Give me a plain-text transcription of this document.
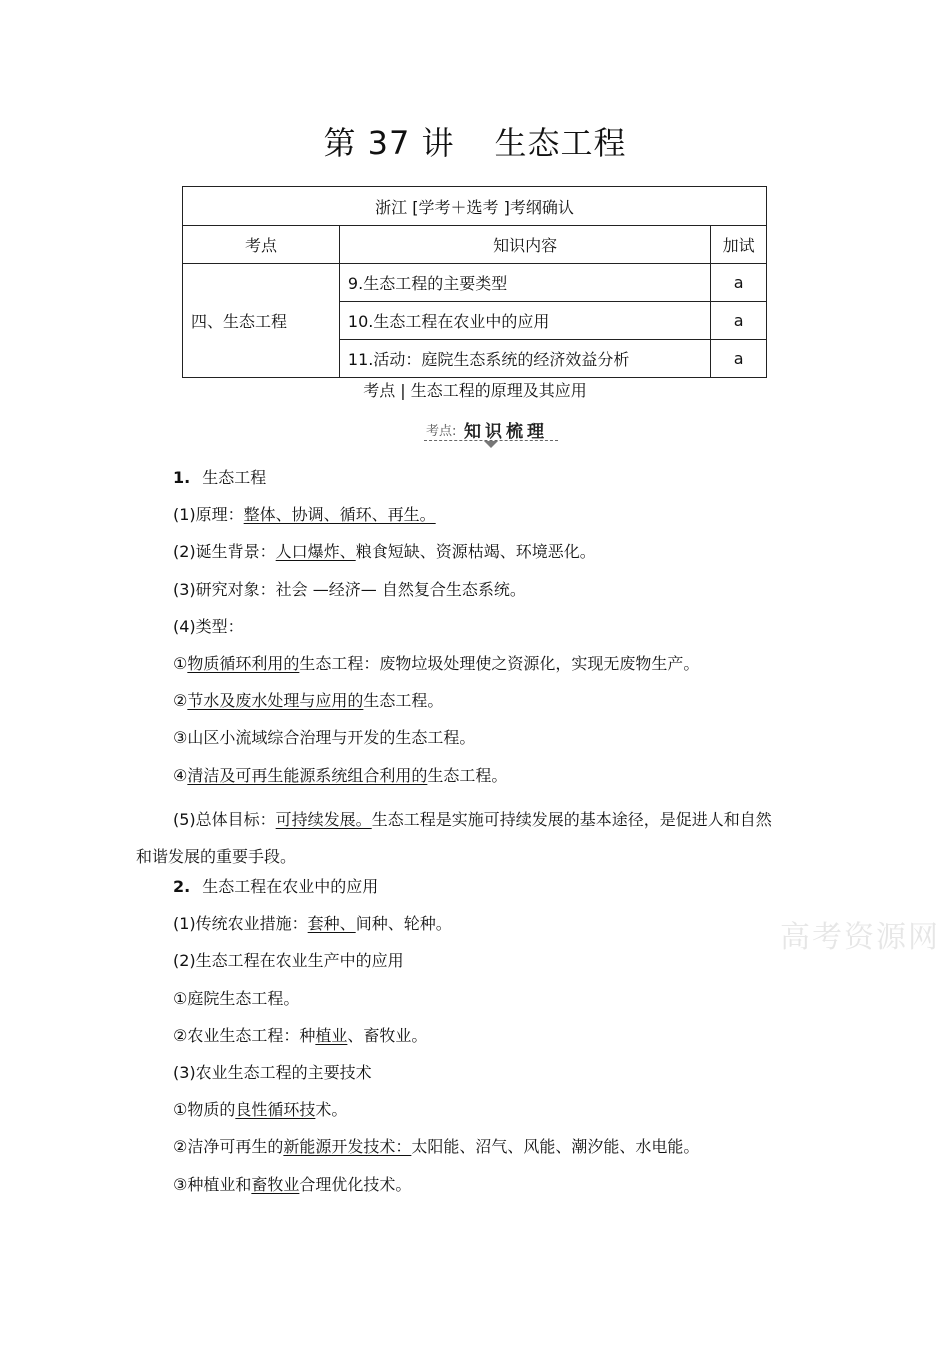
第 37 讲 生态工程
浙江 [学考＋选考 ]考纲确认		
考点	知识内容	加试
四、生态工程	9.生态工程的主要类型	a
	10.生态工程在农业中的应用	a
	11.活动：庭院生态系统的经济效益分析	a
考点 | 生态工程的原理及其应用
考点: 知识梳理
1. 生态工程
(1)原理：整体、协调、循环、再生。
(2)诞生背景：人口爆炸、粮食短缺、资源枯竭、环境恶化。
(3)研究对象：社会 —经济— 自然复合生态系统。
(4)类型：
①物质循环利用的生态工程：废物垃圾处理使之资源化，实现无废物生产。
②节水及废水处理与应用的生态工程。
③山区小流域综合治理与开发的生态工程。
④清洁及可再生能源系统组合利用的生态工程。
(5)总体目标：可持续发展。生态工程是实施可持续发展的基本途径，是促进人和自然和谐发展的重要手段。
2. 生态工程在农业中的应用
(1)传统农业措施：套种、间种、轮种。
(2)生态工程在农业生产中的应用
①庭院生态工程。
②农业生态工程：种植业、畜牧业。
(3)农业生态工程的主要技术
①物质的良性循环技术。
②洁净可再生的新能源开发技术：太阳能、沼气、风能、潮汐能、水电能。
③种植业和畜牧业合理优化技术。
高考资源网
